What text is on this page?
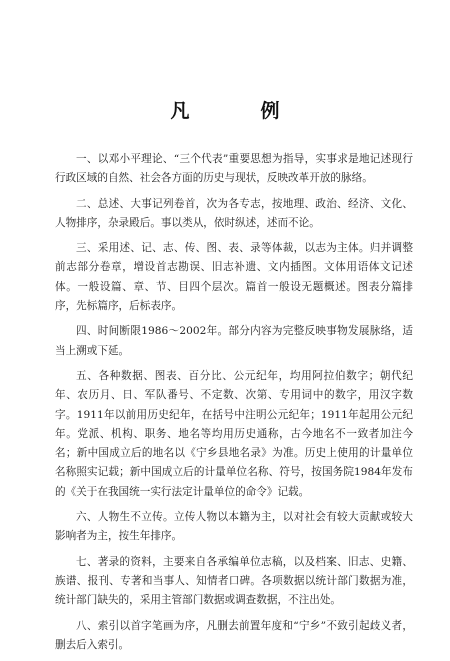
凡　例

一、以邓小平理论、“三个代表”重要思想为指导，实事求是地记述现行行政区域的自然、社会各方面的历史与现状，反映改革开放的脉络。

二、总述、大事记列卷首，次为各专志，按地理、政治、经济、文化、人物排序，杂录殿后。事以类从，依时纵述，述而不论。

三、采用述、记、志、传、图、表、录等体裁，以志为主体。归并调整前志部分卷章，增设首志勘误、旧志补遗、文内插图。文体用语体文记述体。一般设篇、章、节、目四个层次。篇首一般设无题概述。图表分篇排序，先标篇序，后标表序。

四、时间断限1986～2002年。部分内容为完整反映事物发展脉络，适当上溯或下延。

五、各种数据、图表、百分比、公元纪年，均用阿拉伯数字；朝代纪年、农历月、日、军队番号、不定数、次第、专用词中的数字，用汉字数字。1911年以前用历史纪年，在括号中注明公元纪年；1911年起用公元纪年。党派、机构、职务、地名等均用历史通称，古今地名不一致者加注今名；新中国成立后的地名以《宁乡县地名录》为准。历史上使用的计量单位名称照实记载；新中国成立后的计量单位名称、符号，按国务院1984年发布的《关于在我国统一实行法定计量单位的命令》记载。

六、人物生不立传。立传人物以本籍为主，以对社会有较大贡献或较大影响者为主，按生年排序。

七、著录的资料，主要来自各承编单位志稿，以及档案、旧志、史籍、族谱、报刊、专著和当事人、知情者口碑。各项数据以统计部门数据为准，统计部门缺失的，采用主管部门数据或调查数据，不注出处。

八、索引以首字笔画为序，凡删去前置年度和“宁乡”不致引起歧义者，删去后入索引。
